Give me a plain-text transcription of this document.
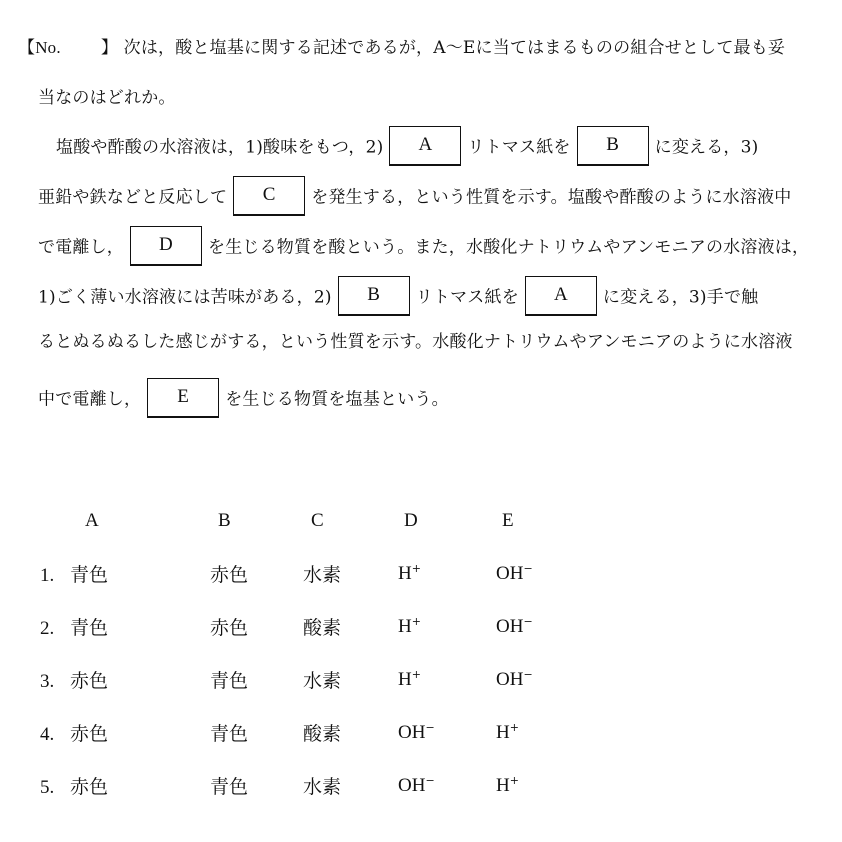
【No. 】 次は，酸と塩基に関する記述であるが，A～Eに当てはまるものの組合せとして最も妥
当なのはどれか。
塩酸や酢酸の水溶液は，1)酸味をもつ，2) A リトマス紙を B に変える，3)
亜鉛や鉄などと反応して C を発生する，という性質を示す。塩酸や酢酸のように水溶液中
で電離し， D を生じる物質を酸という。また，水酸化ナトリウムやアンモニアの水溶液は，
1)ごく薄い水溶液には苦味がある，2) B リトマス紙を A に変える，3)手で触
るとぬるぬるした感じがする，という性質を示す。水酸化ナトリウムやアンモニアのように水溶液
中で電離し， E を生じる物質を塩基という。
A	B	C	D	E
1. 青色	赤色	水素	H+	OH−
2. 青色	赤色	酸素	H+	OH−
3. 赤色	青色	水素	H+	OH−
4. 赤色	青色	酸素	OH−	H+
5. 赤色	青色	水素	OH−	H+
